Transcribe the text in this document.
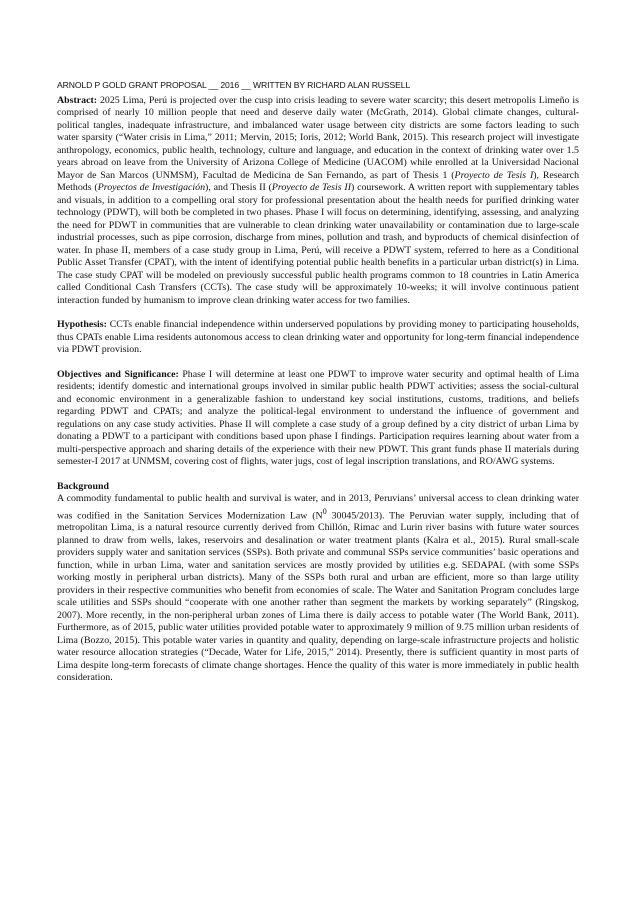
ARNOLD P GOLD GRANT PROPOSAL __ 2016 __ WRITTEN BY RICHARD ALAN RUSSELL

Abstract: 2025 Lima, Perú is projected over the cusp into crisis leading to severe water scarcity; this desert metropolis Limeño is comprised of nearly 10 million people that need and deserve daily water (McGrath, 2014). Global climate changes, cultural-political tangles, inadequate infrastructure, and imbalanced water usage between city districts are some factors leading to such water sparsity (“Water crisis in Lima,” 2011; Mervin, 2015; Ioris, 2012; World Bank, 2015). This research project will investigate anthropology, economics, public health, technology, culture and language, and education in the context of drinking water over 1.5 years abroad on leave from the University of Arizona College of Medicine (UACOM) while enrolled at la Universidad Nacional Mayor de San Marcos (UNMSM), Facultad de Medicina de San Fernando, as part of Thesis 1 (Proyecto de Tesis I), Research Methods (Proyectos de Investigación), and Thesis II (Proyecto de Tesis II) coursework. A written report with supplementary tables and visuals, in addition to a compelling oral story for professional presentation about the health needs for purified drinking water technology (PDWT), will both be completed in two phases. Phase I will focus on determining, identifying, assessing, and analyzing the need for PDWT in communities that are vulnerable to clean drinking water unavailability or contamination due to large-scale industrial processes, such as pipe corrosion, discharge from mines, pollution and trash, and byproducts of chemical disinfection of water. In phase II, members of a case study group in Lima, Perú, will receive a PDWT system, referred to here as a Conditional Public Asset Transfer (CPAT), with the intent of identifying potential public health benefits in a particular urban district(s) in Lima. The case study CPAT will be modeled on previously successful public health programs common to 18 countries in Latin America called Conditional Cash Transfers (CCTs). The case study will be approximately 10-weeks; it will involve continuous patient interaction funded by humanism to improve clean drinking water access for two families.

Hypothesis: CCTs enable financial independence within underserved populations by providing money to participating households, thus CPATs enable Lima residents autonomous access to clean drinking water and opportunity for long-term financial independence via PDWT provision.

Objectives and Significance: Phase I will determine at least one PDWT to improve water security and optimal health of Lima residents; identify domestic and international groups involved in similar public health PDWT activities; assess the social-cultural and economic environment in a generalizable fashion to understand key social institutions, customs, traditions, and beliefs regarding PDWT and CPATs; and analyze the political-legal environment to understand the influence of government and regulations on any case study activities. Phase II will complete a case study of a group defined by a city district of urban Lima by donating a PDWT to a participant with conditions based upon phase I findings. Participation requires learning about water from a multi-perspective approach and sharing details of the experience with their new PDWT. This grant funds phase II materials during semester-I 2017 at UNMSM, covering cost of flights, water jugs, cost of legal inscription translations, and RO/AWG systems.

Background

A commodity fundamental to public health and survival is water, and in 2013, Peruvians’ universal access to clean drinking water was codified in the Sanitation Services Modernization Law ($N^0$ 30045/2013). The Peruvian water supply, including that of metropolitan Lima, is a natural resource currently derived from Chillón, Rimac and Lurin river basins with future water sources planned to draw from wells, lakes, reservoirs and desalination or water treatment plants (Kalra et al., 2015). Rural small-scale providers supply water and sanitation services (SSPs). Both private and communal SSPs service communities’ basic operations and function, while in urban Lima, water and sanitation services are mostly provided by utilities e.g. SEDAPAL (with some SSPs working mostly in peripheral urban districts). Many of the SSPs both rural and urban are efficient, more so than large utility providers in their respective communities who benefit from economies of scale. The Water and Sanitation Program concludes large scale utilities and SSPs should “cooperate with one another rather than segment the markets by working separately” (Ringskog, 2007). More recently, in the non-peripheral urban zones of Lima there is daily access to potable water (The World Bank, 2011). Furthermore, as of 2015, public water utilities provided potable water to approximately 9 million of 9.75 million urban residents of Lima (Bozzo, 2015). This potable water varies in quantity and quality, depending on large-scale infrastructure projects and holistic water resource allocation strategies (“Decade, Water for Life, 2015,” 2014). Presently, there is sufficient quantity in most parts of Lima despite long-term forecasts of climate change shortages. Hence the quality of this water is more immediately in public health consideration.
